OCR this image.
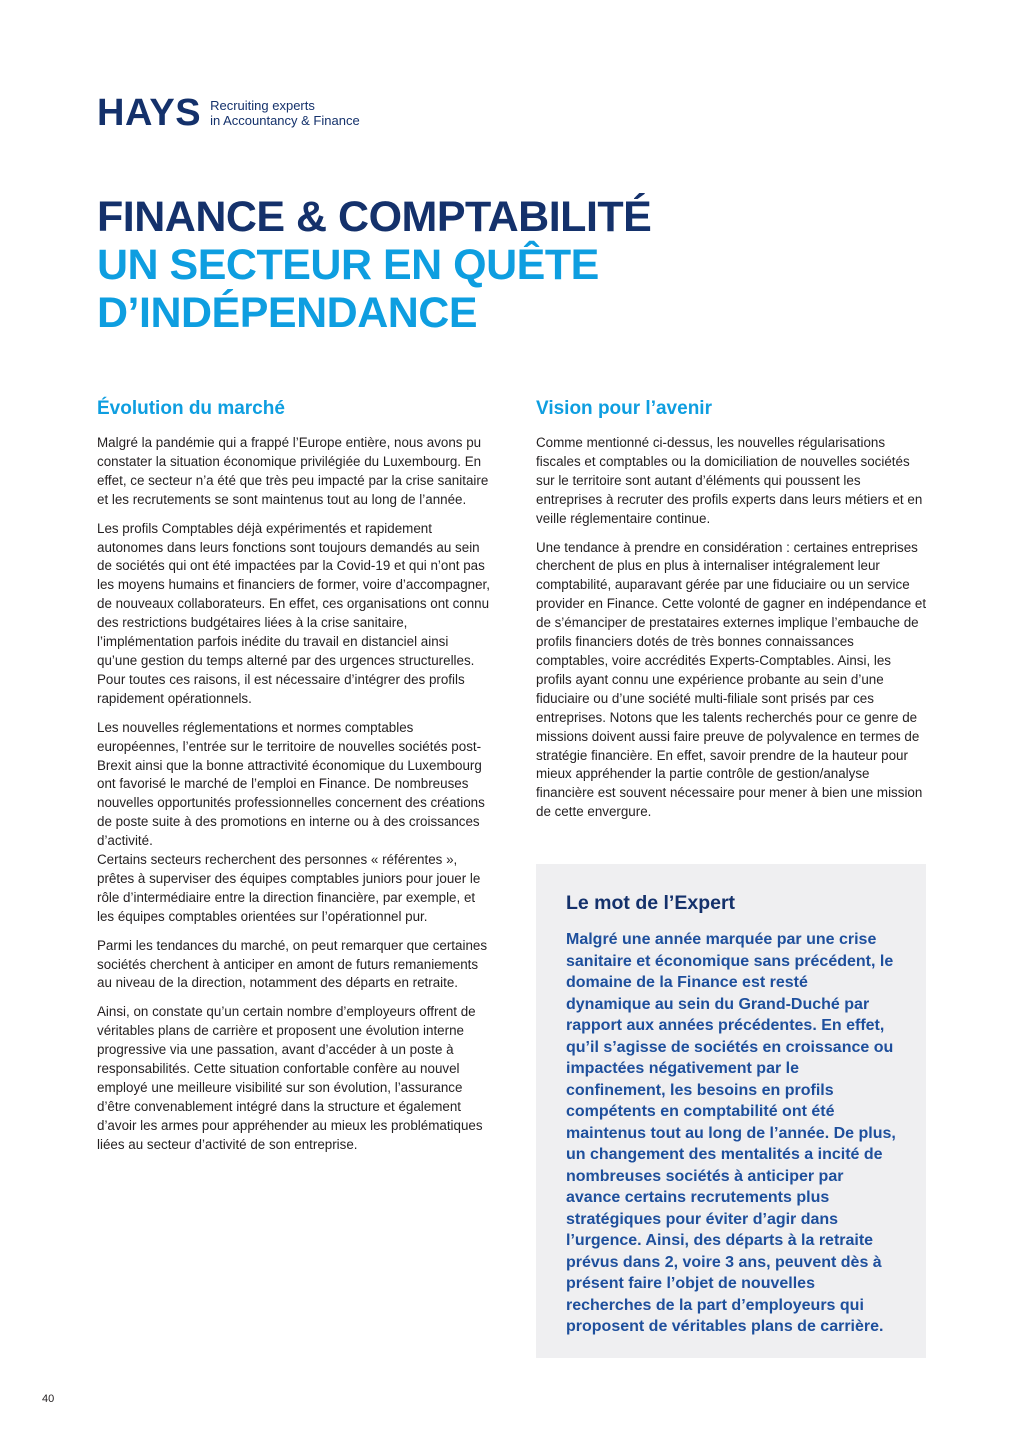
HAYS Recruiting experts
in Accountancy & Finance
FINANCE & COMPTABILITÉ
UN SECTEUR EN QUÊTE
D’INDÉPENDANCE
Évolution du marché

Malgré la pandémie qui a frappé l’Europe entière, nous avons pu constater la situation économique privilégiée du Luxembourg. En effet, ce secteur n’a été que très peu impacté par la crise sanitaire et les recrutements se sont maintenus tout au long de l’année.

Les profils Comptables déjà expérimentés et rapidement autonomes dans leurs fonctions sont toujours demandés au sein de sociétés qui ont été impactées par la Covid-19 et qui n’ont pas les moyens humains et financiers de former, voire d’accompagner, de nouveaux collaborateurs. En effet, ces organisations ont connu des restrictions budgétaires liées à la crise sanitaire, l’implémentation parfois inédite du travail en distanciel ainsi qu’une gestion du temps alterné par des urgences structurelles. Pour toutes ces raisons, il est nécessaire d’intégrer des profils rapidement opérationnels.

Les nouvelles réglementations et normes comptables européennes, l’entrée sur le territoire de nouvelles sociétés post-Brexit ainsi que la bonne attractivité économique du Luxembourg ont favorisé le marché de l’emploi en Finance. De nombreuses nouvelles opportunités professionnelles concernent des créations de poste suite à des promotions en interne ou à des croissances d’activité.

Certains secteurs recherchent des personnes « référentes », prêtes à superviser des équipes comptables juniors pour jouer le rôle d’intermédiaire entre la direction financière, par exemple, et les équipes comptables orientées sur l’opérationnel pur.

Parmi les tendances du marché, on peut remarquer que certaines sociétés cherchent à anticiper en amont de futurs remaniements au niveau de la direction, notamment des départs en retraite.

Ainsi, on constate qu’un certain nombre d’employeurs offrent de véritables plans de carrière et proposent une évolution interne progressive via une passation, avant d’accéder à un poste à responsabilités. Cette situation confortable confère au nouvel employé une meilleure visibilité sur son évolution, l’assurance d’être convenablement intégré dans la structure et également d’avoir les armes pour appréhender au mieux les problématiques liées au secteur d’activité de son entreprise.

Vision pour l’avenir

Comme mentionné ci-dessus, les nouvelles régularisations fiscales et comptables ou la domiciliation de nouvelles sociétés sur le territoire sont autant d’éléments qui poussent les entreprises à recruter des profils experts dans leurs métiers et en veille réglementaire continue.

Une tendance à prendre en considération : certaines entreprises cherchent de plus en plus à internaliser intégralement leur comptabilité, auparavant gérée par une fiduciaire ou un service provider en Finance. Cette volonté de gagner en indépendance et de s’émanciper de prestataires externes implique l’embauche de profils financiers dotés de très bonnes connaissances comptables, voire accrédités Experts-Comptables. Ainsi, les profils ayant connu une expérience probante au sein d’une fiduciaire ou d’une société multi-filiale sont prisés par ces entreprises. Notons que les talents recherchés pour ce genre de missions doivent aussi faire preuve de polyvalence en termes de stratégie financière. En effet, savoir prendre de la hauteur pour mieux appréhender la partie contrôle de gestion/analyse financière est souvent nécessaire pour mener à bien une mission de cette envergure.

Le mot de l’Expert

Malgré une année marquée par une crise sanitaire et économique sans précédent, le domaine de la Finance est resté dynamique au sein du Grand-Duché par rapport aux années précédentes. En effet, qu’il s’agisse de sociétés en croissance ou impactées négativement par le confinement, les besoins en profils compétents en comptabilité ont été maintenus tout au long de l’année. De plus, un changement des mentalités a incité de nombreuses sociétés à anticiper par avance certains recrutements plus stratégiques pour éviter d’agir dans l’urgence. Ainsi, des départs à la retraite prévus dans 2, voire 3 ans, peuvent dès à présent faire l’objet de nouvelles recherches de la part d’employeurs qui proposent de véritables plans de carrière.

40
